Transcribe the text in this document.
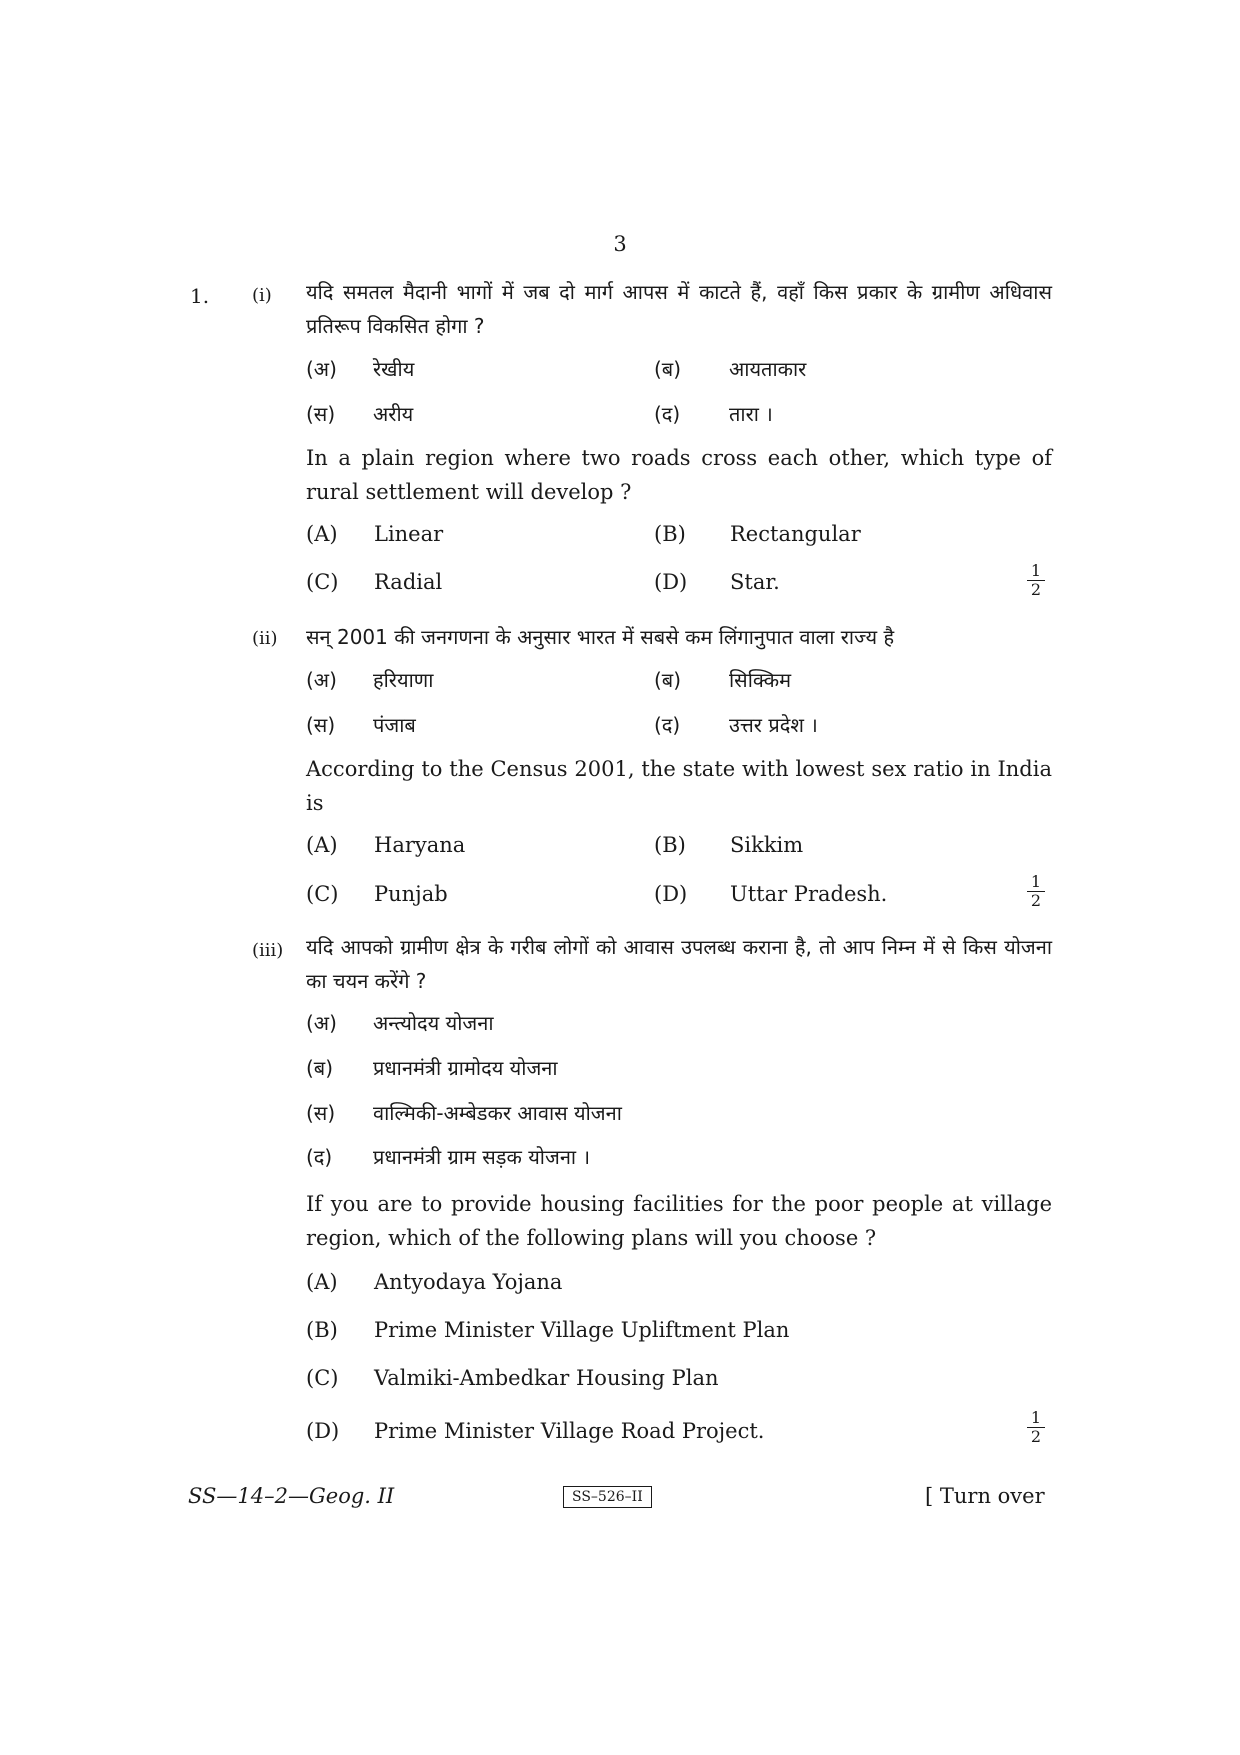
3
1. (i) यदि समतल मैदानी भागों में जब दो मार्ग आपस में काटते हैं, वहाँ किस प्रकार के ग्रामीण अधिवास प्रतिरूप विकसित होगा ?
(अ) रेखीय	(ब) आयताकार
(स) अरीय	(द) तारा ।
In a plain region where two roads cross each other, which type of rural settlement will develop ?
(A) Linear	(B) Rectangular
(C) Radial	(D) Star.	1
2
(ii) सन् 2001 की जनगणना के अनुसार भारत में सबसे कम लिंगानुपात वाला राज्य है
(अ) हरियाणा	(ब) सिक्किम
(स) पंजाब	(द) उत्तर प्रदेश ।
According to the Census 2001, the state with lowest sex ratio in India is
(A) Haryana	(B) Sikkim
(C) Punjab	(D) Uttar Pradesh.
1
2
(iii) यदि आपको ग्रामीण क्षेत्र के गरीब लोगों को आवास उपलब्ध कराना है, तो आप निम्न में से किस योजना का चयन करेंगे ?
(अ) अन्त्योदय योजना
(ब) प्रधानमंत्री ग्रामोदय योजना
(स) वाल्मिकी-अम्बेडकर आवास योजना
(द) प्रधानमंत्री ग्राम सड़क योजना ।
If you are to provide housing facilities for the poor people at village region, which of the following plans will you choose ?
(A) Antyodaya Yojana
(B) Prime Minister Village Upliftment Plan
(C) Valmiki-Ambedkar Housing Plan
(D) Prime Minister Village Road Project.
1
2
SS—14–2—Geog. II	SS–526–II	[ Turn over
